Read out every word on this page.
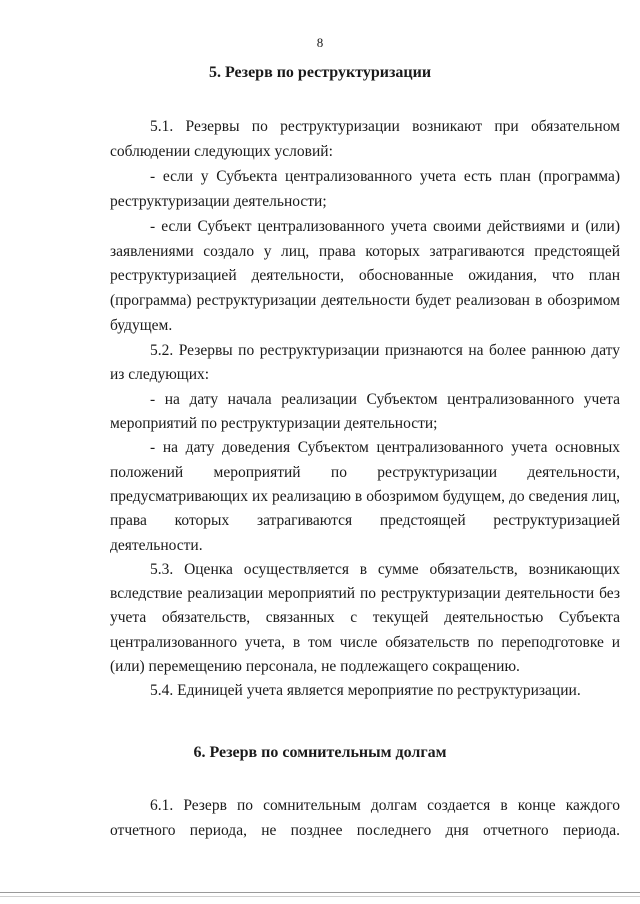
8
5. Резерв по реструктуризации

5.1. Резервы по реструктуризации возникают при обязательном соблюдении следующих условий:

- если у Субъекта централизованного учета есть план (программа) реструктуризации деятельности;

- если Субъект централизованного учета своими действиями и (или) заявлениями создало у лиц, права которых затрагиваются предстоящей реструктуризацией деятельности, обоснованные ожидания, что план (программа) реструктуризации деятельности будет реализован в обозримом будущем.

5.2. Резервы по реструктуризации признаются на более раннюю дату из следующих:

- на дату начала реализации Субъектом централизованного учета мероприятий по реструктуризации деятельности;

- на дату доведения Субъектом централизованного учета основных положений мероприятий по реструктуризации деятельности, предусматривающих их реализацию в обозримом будущем, до сведения лиц, права которых затрагиваются предстоящей реструктуризацией деятельности.

5.3. Оценка осуществляется в сумме обязательств, возникающих вследствие реализации мероприятий по реструктуризации деятельности без учета обязательств, связанных с текущей деятельностью Субъекта централизованного учета, в том числе обязательств по переподготовке и (или) перемещению персонала, не подлежащего сокращению.

5.4. Единицей учета является мероприятие по реструктуризации.

6. Резерв по сомнительным долгам

6.1. Резерв по сомнительным долгам создается в конце каждого отчетного периода, не позднее последнего дня отчетного периода.
